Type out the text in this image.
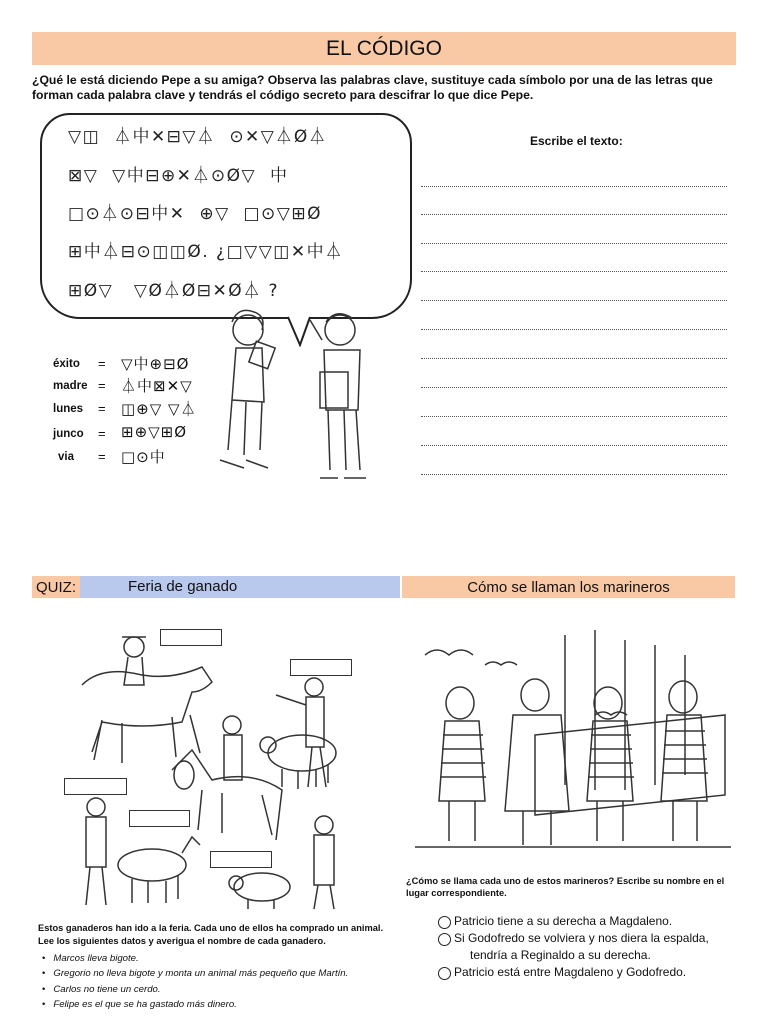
EL CÓDIGO

¿Qué le está diciendo Pepe a su amiga? Observa las palabras clave, sustituye cada símbolo por una de las letras que forman cada palabra clave y tendrás el código secreto para descifrar lo que dice Pepe.

▽◫  ⏃中✕⊟▽⏃  ⊙✕▽⏃Ø⏃
⊠▽  ▽中⊟⊕✕⏃⊙Ø▽  中
□⊙⏃⊙⊟中✕  ⊕▽  □⊙▽⊞Ø
⊞中⏃⊟⊙◫◫Ø. ¿□▽▽◫✕中⏃
⊞Ø▽   ▽Ø⏃Ø⊟✕Ø⏃ ?
éxito	= ▽中⊕⊟Ø
madre = ⏃中⊠✕▽
lunes	= ◫⊕▽ ▽⏃
junco	= ⊞⊕▽⊞Ø
via	= □⊙中
Escribe el texto:
QUIZ:	Feria de ganado	Cómo se llaman los marineros

Estos ganaderos han ido a la feria. Cada uno de ellos ha comprado un animal. Lee los siguientes datos y averigua el nombre de cada ganadero.

• Marcos lleva bigote.
• Gregorio no lleva bigote y monta un animal más pequeño que Martín.
• Carlos no tiene un cerdo.
• Felipe es el que se ha gastado más dinero.

¿Cómo se llama cada uno de estos marineros? Escribe su nombre en el lugar correspondiente.

Patricio tiene a su derecha a Magdaleno.
Si Godofredo se volviera y nos diera la espalda,
tendría a Reginaldo a su derecha.
Patricio está entre Magdaleno y Godofredo.
